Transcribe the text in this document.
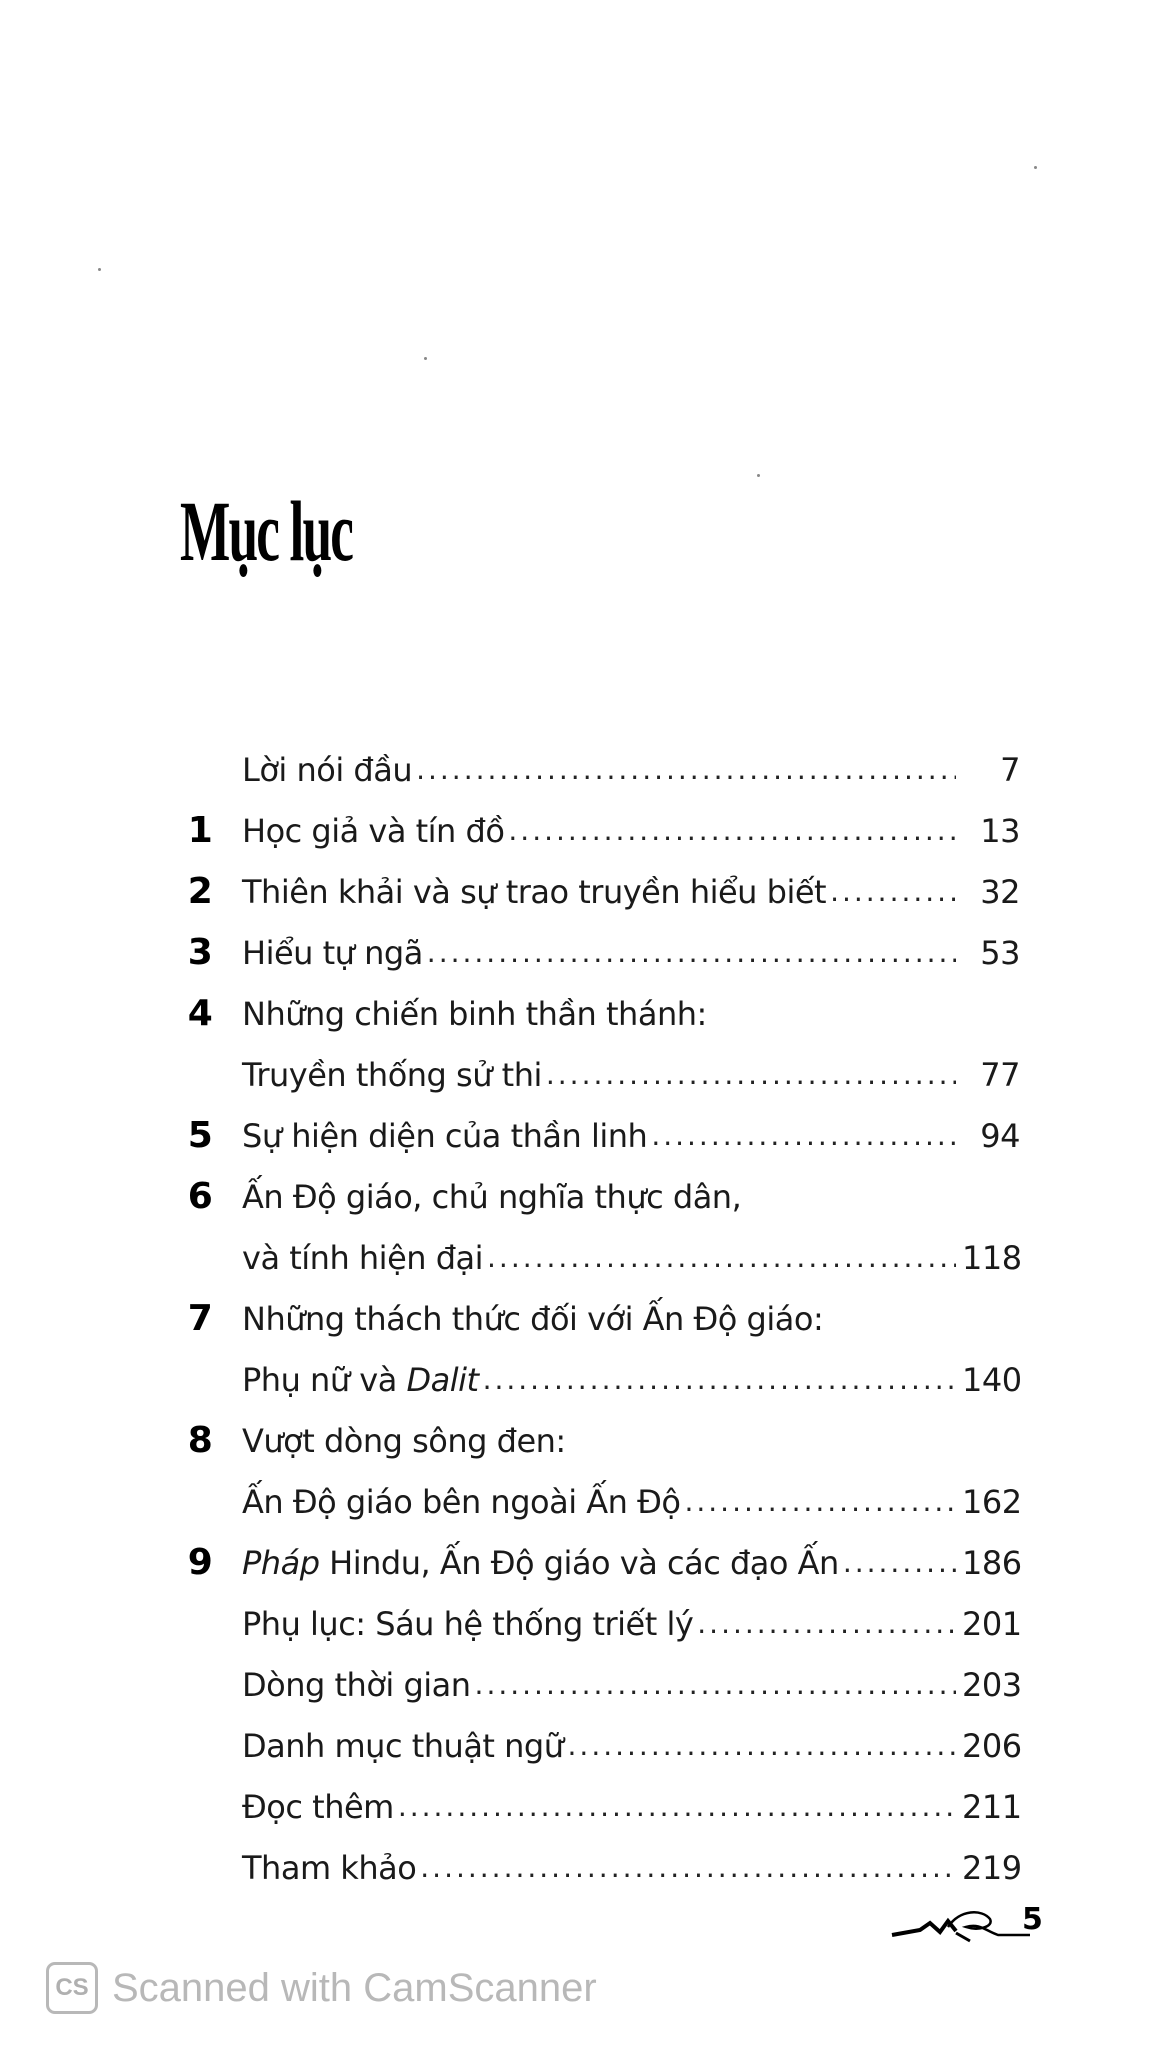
Mục lục
Lời nói đầu .....	7
1 Học giả và tín đồ .....	13
2 Thiên khải và sự trao truyền hiểu biết .....	32
3 Hiểu tự ngã .....	53
4 Những chiến binh thần thánh:
Truyền thống sử thi .....	77
5 Sự hiện diện của thần linh .....	94
6 Ấn Độ giáo, chủ nghĩa thực dân,
và tính hiện đại .....	118
7 Những thách thức đối với Ấn Độ giáo:
Phụ nữ và Dalit .....	140
8 Vượt dòng sông đen:
Ấn Độ giáo bên ngoài Ấn Độ .....	162
9 Pháp Hindu, Ấn Độ giáo và các đạo Ấn .....	186
Phụ lục: Sáu hệ thống triết lý .....	201
Dòng thời gian .....	203
Danh mục thuật ngữ .....	206
Đọc thêm .....	211
Tham khảo .....	219
5
CS Scanned with CamScanner
